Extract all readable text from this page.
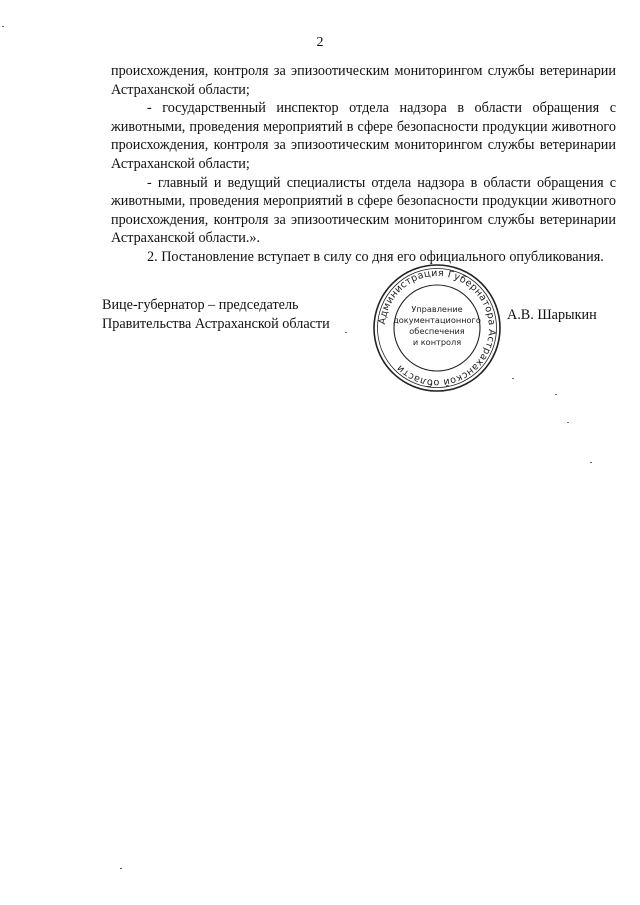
2

происхождения, контроля за эпизоотическим мониторингом службы ветеринарии Астраханской области;

- государственный инспектор отдела надзора в области обращения с животными, проведения мероприятий в сфере безопасности продукции животного происхождения, контроля за эпизоотическим мониторингом службы ветеринарии Астраханской области;

- главный и ведущий специалисты отдела надзора в области обращения с животными, проведения мероприятий в сфере безопасности продукции животного происхождения, контроля за эпизоотическим мониторингом службы ветеринарии Астраханской области.».

2. Постановление вступает в силу со дня его официального опубликования.

Вице-губернатор – председатель
Правительства Астраханской области	Администрация Губернатора Астраханской области
Управление
документационного
обеспечения
и контроля
А.В. Шарыкин
